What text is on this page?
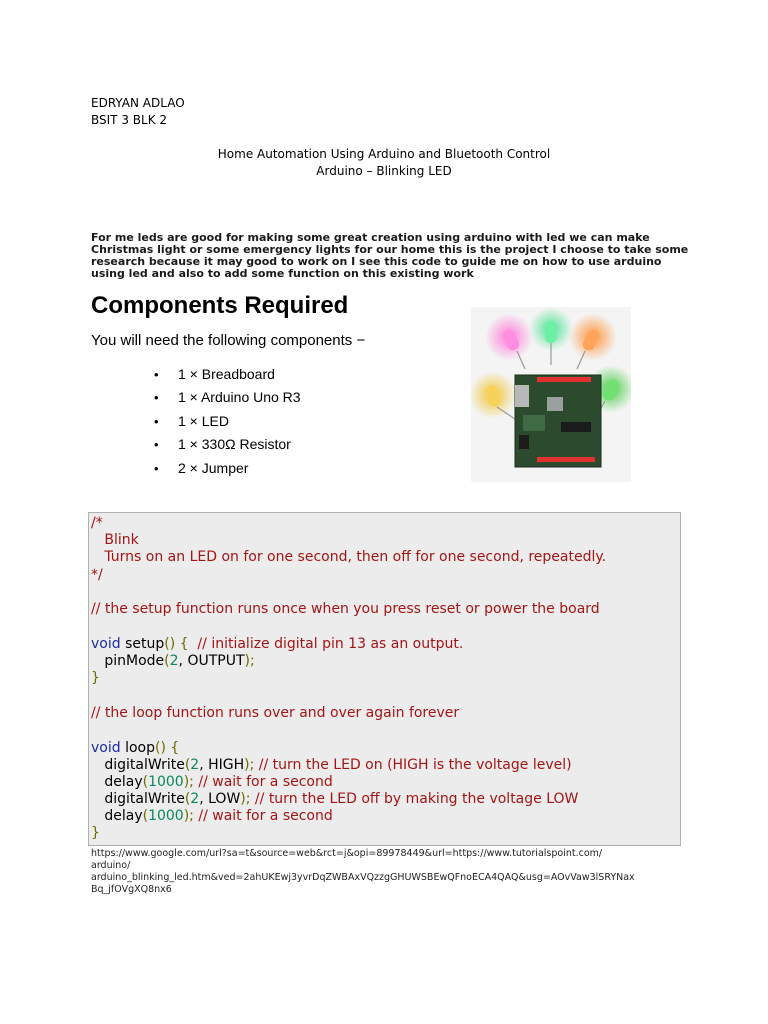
EDRYAN ADLAO
BSIT 3 BLK 2
Home Automation Using Arduino and Bluetooth Control
Arduino – Blinking LED
For me leds are good for making some great creation using arduino with led we can make Christmas light or some emergency lights for our home this is the project I choose to take some research because it may good to work on I see this code to guide me on how to use arduino using led and also to add some function on this existing work
Components Required
You will need the following components −
• 1 × Breadboard
• 1 × Arduino Uno R3
• 1 × LED
• 1 × 330Ω Resistor
• 2 × Jumper
/*
Blink
Turns on an LED on for one second, then off for one second, repeatedly.
*/
// the setup function runs once when you press reset or power the board
void setup() {  // initialize digital pin 13 as an output.
pinMode(2, OUTPUT);
}
// the loop function runs over and over again forever
void loop() {
digitalWrite(2, HIGH); // turn the LED on (HIGH is the voltage level)
delay(1000); // wait for a second
digitalWrite(2, LOW); // turn the LED off by making the voltage LOW
delay(1000); // wait for a second
}
https://www.google.com/url?sa=t&source=web&rct=j&opi=89978449&url=https://www.tutorialspoint.com/
arduino/
arduino_blinking_led.htm&ved=2ahUKEwj3yvrDqZWBAxVQzzgGHUWSBEwQFnoECA4QAQ&usg=AOvVaw3lSRYNax
Bq_jfOVgXQ8nx6
